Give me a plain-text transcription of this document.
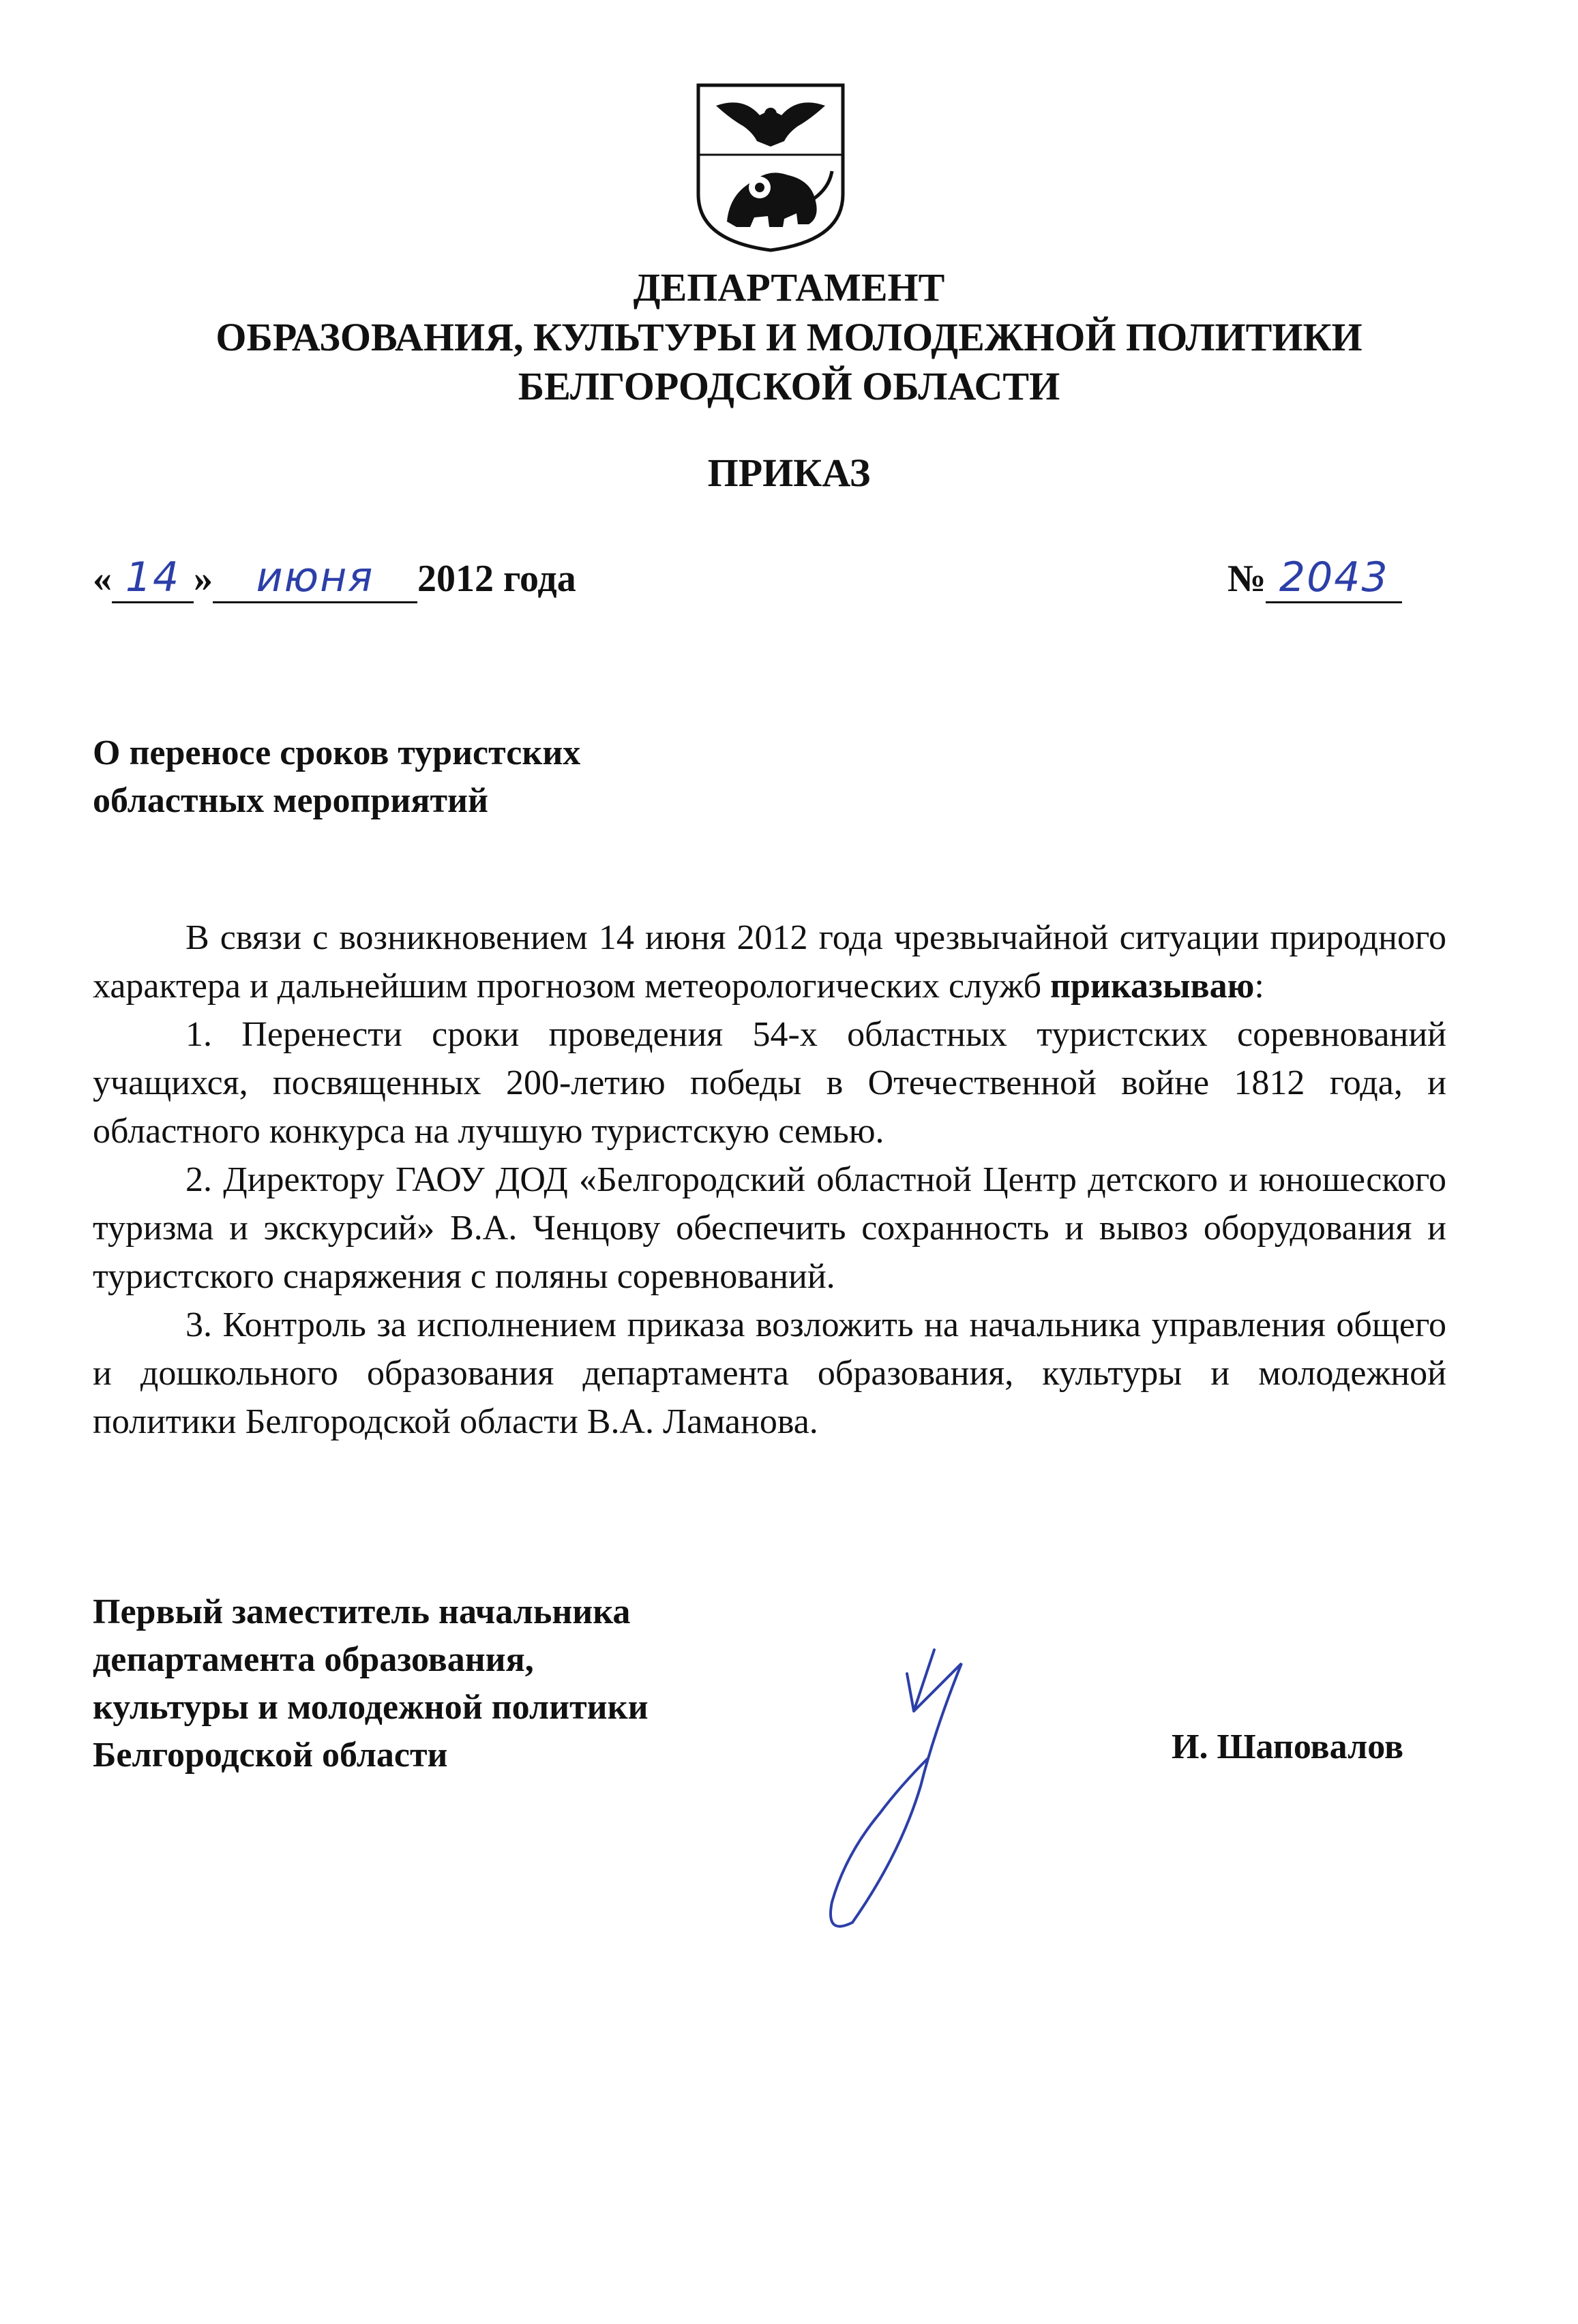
ДЕПАРТАМЕНТ
ОБРАЗОВАНИЯ, КУЛЬТУРЫ И МОЛОДЕЖНОЙ ПОЛИТИКИ
БЕЛГОРОДСКОЙ ОБЛАСТИ
ПРИКАЗ
« 14 » июня 2012 года	№ 2043
О переносе сроков туристских
областных мероприятий

В связи с возникновением 14 июня 2012 года чрезвычайной ситуации природного характера и дальнейшим прогнозом метеорологических служб приказываю:

1. Перенести сроки проведения 54-х областных туристских соревнований учащихся, посвященных 200-летию победы в Отечественной войне 1812 года, и областного конкурса на лучшую туристскую семью.

2. Директору ГАОУ ДОД «Белгородский областной Центр детского и юношеского туризма и экскурсий» В.А. Ченцову обеспечить сохранность и вывоз оборудования и туристского снаряжения с поляны соревнований.

3. Контроль за исполнением приказа возложить на начальника управления общего и дошкольного образования департамента образования, культуры и молодежной политики Белгородской области В.А. Ламанова.

Первый заместитель начальника
департамента образования,
культуры и молодежной политики
Белгородской области	И. Шаповалов
